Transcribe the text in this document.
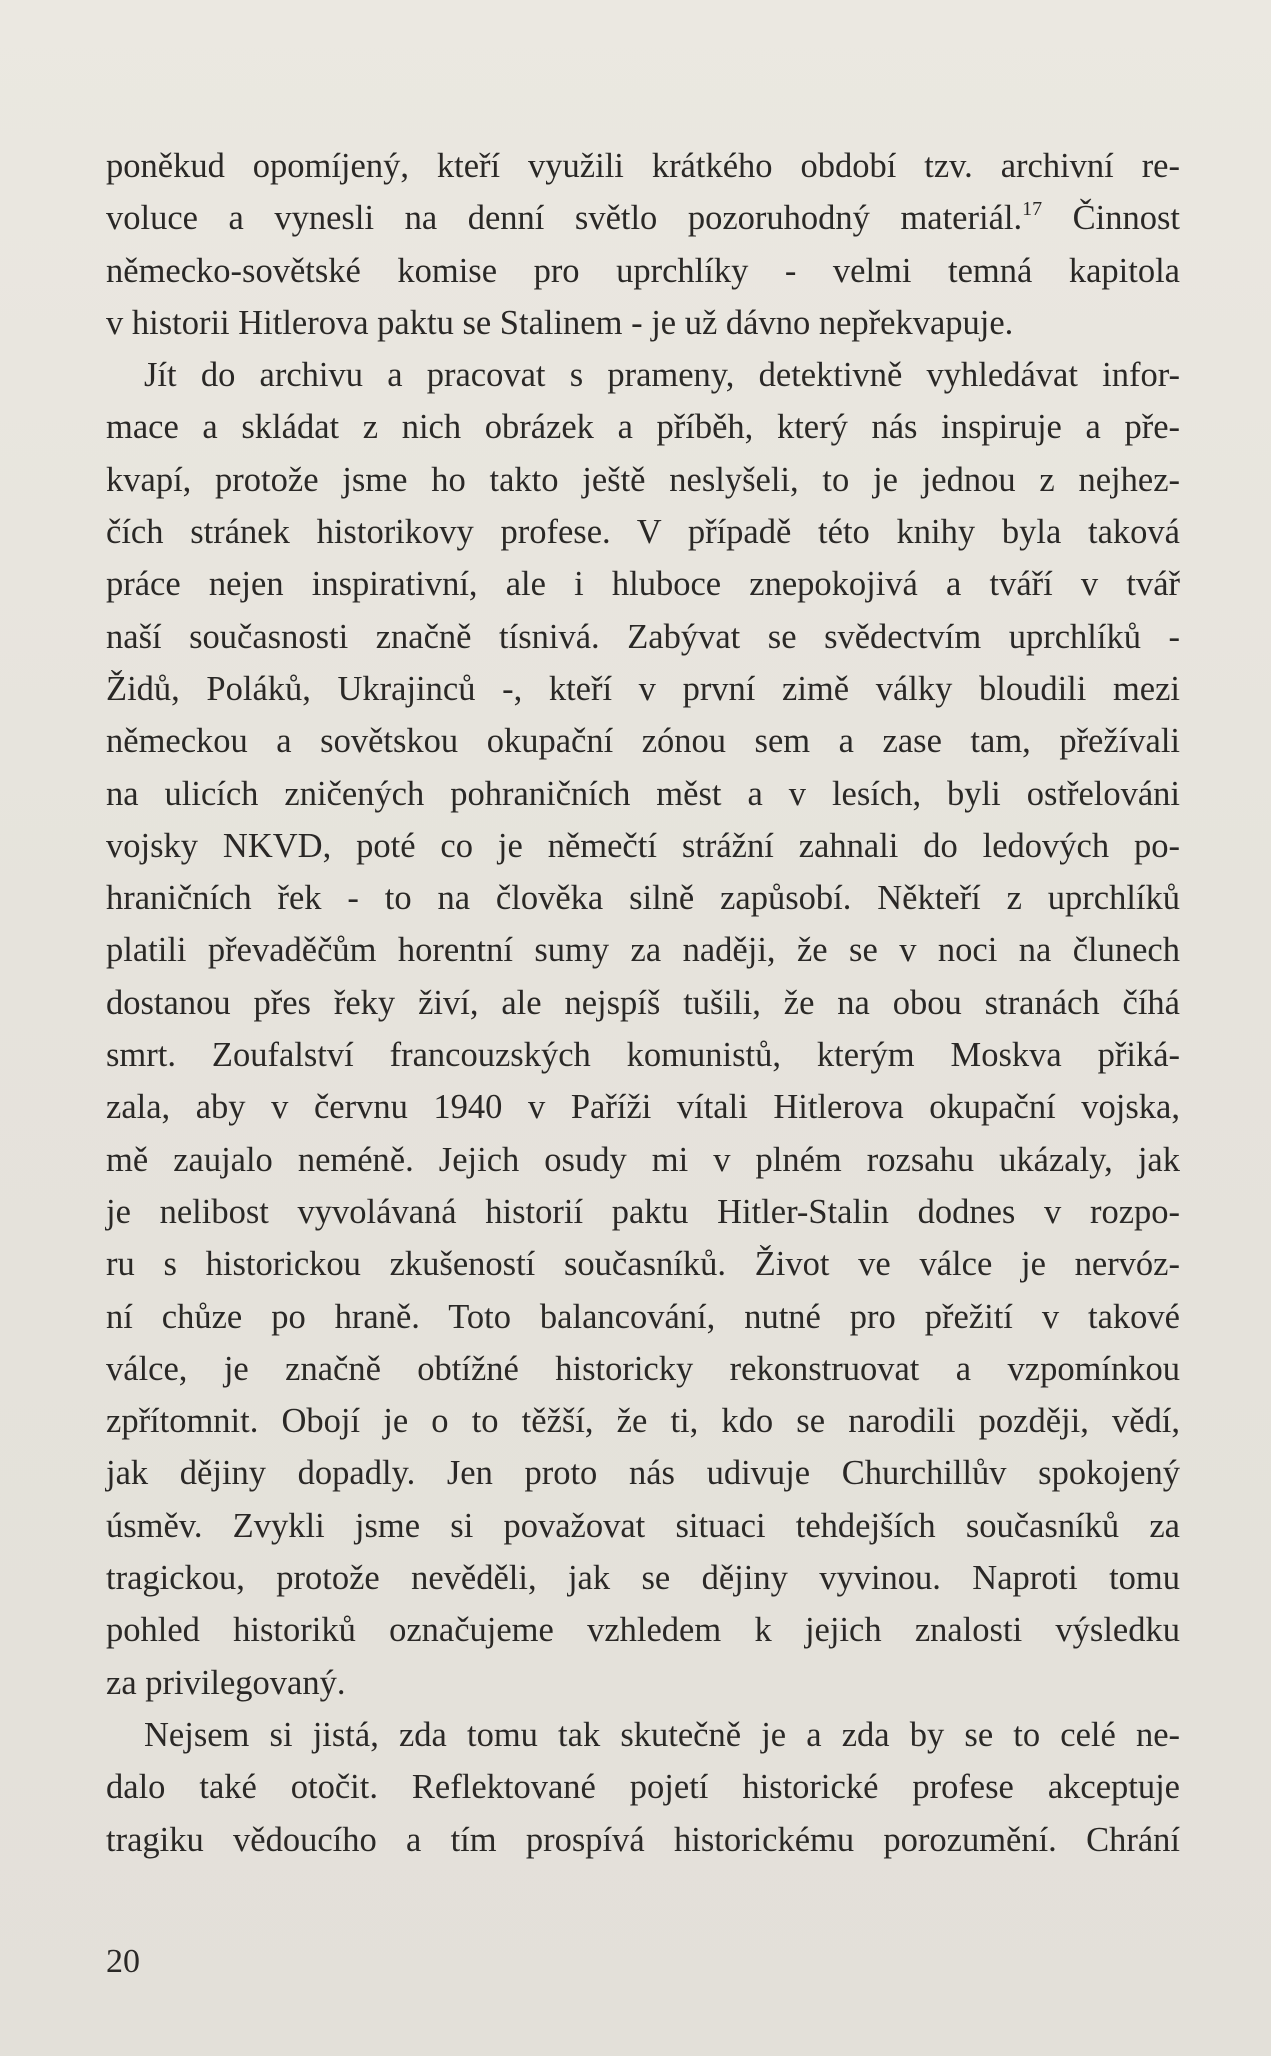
poněkud opomíjený, kteří využili krátkého období tzv. archivní re-
voluce a vynesli na denní světlo pozoruhodný materiál.$^{17}$ Činnost
německo-sovětské komise pro uprchlíky - velmi temná kapitola
v historii Hitlerova paktu se Stalinem - je už dávno nepřekvapuje.
Jít do archivu a pracovat s prameny, detektivně vyhledávat infor-
mace a skládat z nich obrázek a příběh, který nás inspiruje a pře-
kvapí, protože jsme ho takto ještě neslyšeli, to je jednou z nejhez-
čích stránek historikovy profese. V případě této knihy byla taková
práce nejen inspirativní, ale i hluboce znepokojivá a tváří v tvář
naší současnosti značně tísnivá. Zabývat se svědectvím uprchlíků -
Židů, Poláků, Ukrajinců -, kteří v první zimě války bloudili mezi
německou a sovětskou okupační zónou sem a zase tam, přežívali
na ulicích zničených pohraničních měst a v lesích, byli ostřelováni
vojsky NKVD, poté co je němečtí strážní zahnali do ledových po-
hraničních řek - to na člověka silně zapůsobí. Někteří z uprchlíků
platili převaděčům horentní sumy za naději, že se v noci na člunech
dostanou přes řeky živí, ale nejspíš tušili, že na obou stranách číhá
smrt. Zoufalství francouzských komunistů, kterým Moskva přiká-
zala, aby v červnu 1940 v Paříži vítali Hitlerova okupační vojska,
mě zaujalo neméně. Jejich osudy mi v plném rozsahu ukázaly, jak
je nelibost vyvolávaná historií paktu Hitler-Stalin dodnes v rozpo-
ru s historickou zkušeností současníků. Život ve válce je nervóz-
ní chůze po hraně. Toto balancování, nutné pro přežití v takové
válce, je značně obtížné historicky rekonstruovat a vzpomínkou
zpřítomnit. Obojí je o to těžší, že ti, kdo se narodili později, vědí,
jak dějiny dopadly. Jen proto nás udivuje Churchillův spokojený
úsměv. Zvykli jsme si považovat situaci tehdejších současníků za
tragickou, protože nevěděli, jak se dějiny vyvinou. Naproti tomu
pohled historiků označujeme vzhledem k jejich znalosti výsledku
za privilegovaný.
Nejsem si jistá, zda tomu tak skutečně je a zda by se to celé ne-
dalo také otočit. Reflektované pojetí historické profese akceptuje
tragiku vědoucího a tím prospívá historickému porozumění. Chrání
20
